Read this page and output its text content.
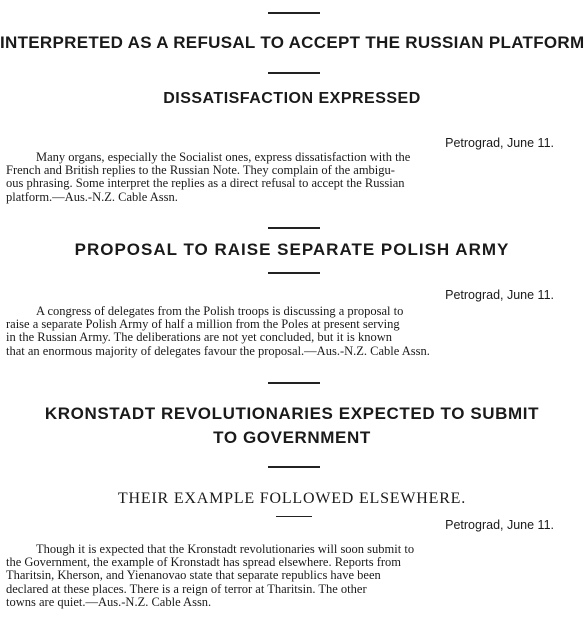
INTERPRETED AS A REFUSAL TO ACCEPT THE RUSSIAN PLATFORM
DISSATISFACTION EXPRESSED
Petrograd, June 11.
Many organs, especially the Socialist ones, express dissatisfaction with the
French and British replies to the Russian Note. They complain of the ambigu-
ous phrasing. Some interpret the replies as a direct refusal to accept the Russian
platform.—Aus.-N.Z. Cable Assn.
PROPOSAL TO RAISE SEPARATE POLISH ARMY
Petrograd, June 11.
A congress of delegates from the Polish troops is discussing a proposal to
raise a separate Polish Army of half a million from the Poles at present serving
in the Russian Army. The deliberations are not yet concluded, but it is known
that an enormous majority of delegates favour the proposal.—Aus.-N.Z. Cable Assn.
KRONSTADT REVOLUTIONARIES EXPECTED TO SUBMIT
TO GOVERNMENT
THEIR EXAMPLE FOLLOWED ELSEWHERE.
Petrograd, June 11.
Though it is expected that the Kronstadt revolutionaries will soon submit to
the Government, the example of Kronstadt has spread elsewhere. Reports from
Tharitsin, Kherson, and Yienanovao state that separate republics have been
declared at these places. There is a reign of terror at Tharitsin. The other
towns are quiet.—Aus.-N.Z. Cable Assn.
